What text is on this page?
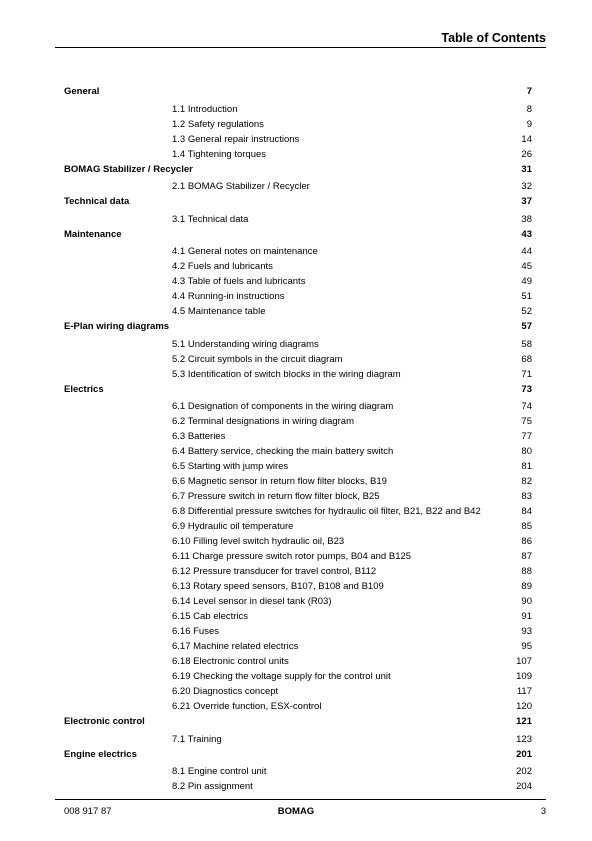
Table of Contents
General	7
1.1 Introduction	8
1.2 Safety regulations	9
1.3 General repair instructions	14
1.4 Tightening torques	26
BOMAG Stabilizer / Recycler	31
2.1 BOMAG Stabilizer / Recycler	32
Technical data	37
3.1 Technical data	38
Maintenance	43
4.1 General notes on maintenance	44
4.2 Fuels and lubricants	45
4.3 Table of fuels and lubricants	49
4.4 Running-in instructions	51
4.5 Maintenance table	52
E-Plan wiring diagrams	57
5.1 Understanding wiring diagrams	58
5.2 Circuit symbols in the circuit diagram	68
5.3 Identification of switch blocks in the wiring diagram	71
Electrics	73
6.1 Designation of components in the wiring diagram	74
6.2 Terminal designations in wiring diagram	75
6.3 Batteries	77
6.4 Battery service, checking the main battery switch	80
6.5 Starting with jump wires	81
6.6 Magnetic sensor in return flow filter blocks, B19	82
6.7 Pressure switch in return flow filter block, B25	83
6.8 Differential pressure switches for hydraulic oil filter, B21, B22 and B42	84
6.9 Hydraulic oil temperature	85
6.10 Filling level switch hydraulic oil, B23	86
6.11 Charge pressure switch rotor pumps, B04 and B125	87
6.12 Pressure transducer for travel control, B112	88
6.13 Rotary speed sensors, B107, B108 and B109	89
6.14 Level sensor in diesel tank (R03)	90
6.15 Cab electrics	91
6.16 Fuses	93
6.17 Machine related electrics	95
6.18 Electronic control units	107
6.19 Checking the voltage supply for the control unit	109
6.20 Diagnostics concept	117
6.21 Override function, ESX-control	120
Electronic control	121
7.1 Training	123
Engine electrics	201
8.1 Engine control unit	202
8.2 Pin assignment	204
008 917 87	BOMAG	3
